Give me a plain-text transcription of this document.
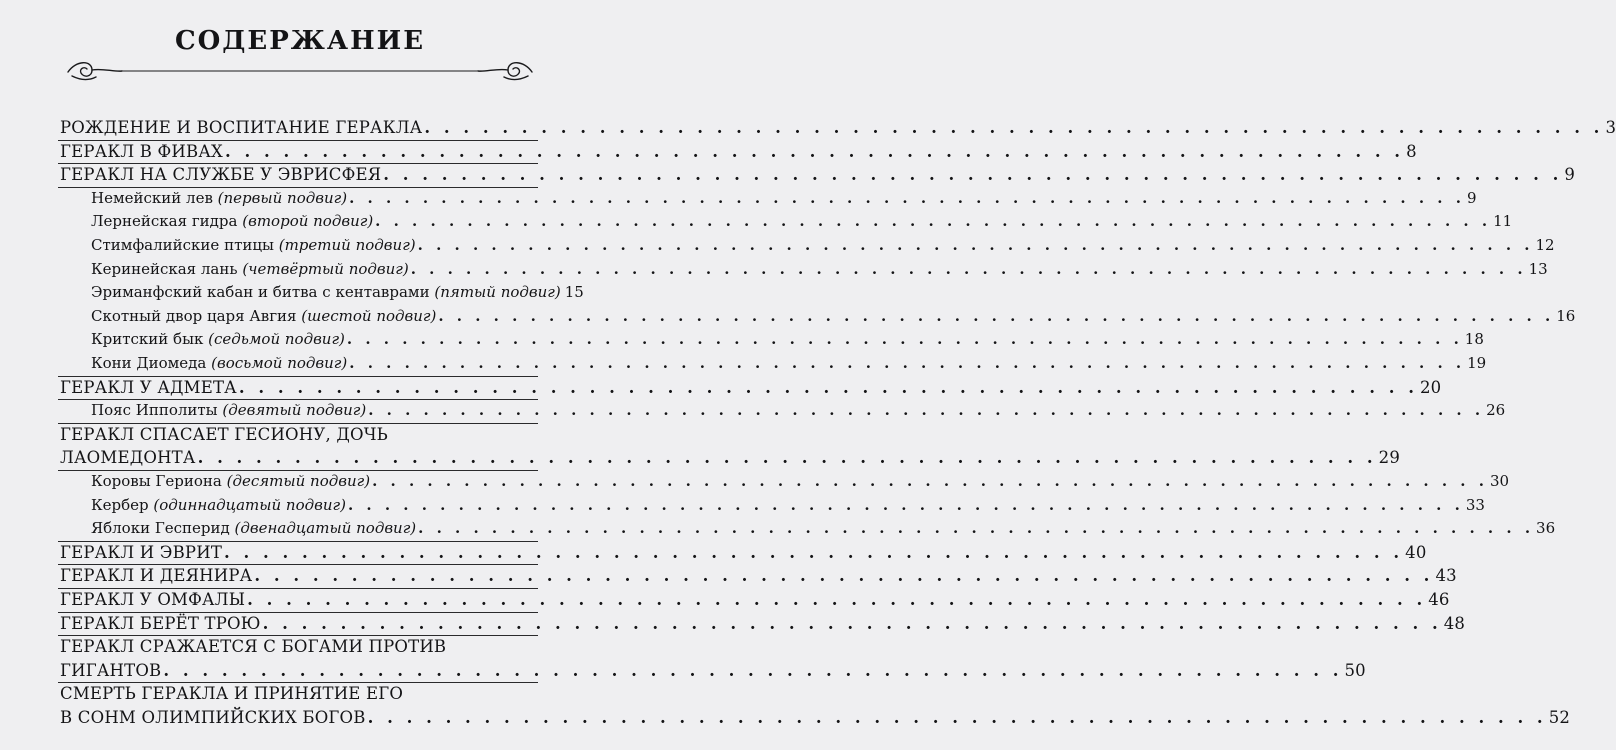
СОДЕРЖАНИЕ
РОЖДЕНИЕ И ВОСПИТАНИЕ ГЕРАКЛА . . . . . . . . . . . . . . . . . . . . . . . . . . . . . . . . . . . . . . . . . . . . . . . . . . . . . . . . . . . . . 3
ГЕРАКЛ В ФИВАХ . . . . . . . . . . . . . . . . . . . . . . . . . . . . . . . . . . . . . . . . . . . . . . . . . . . . . . . . . . . . . 8
ГЕРАКЛ НА СЛУЖБЕ У ЭВРИСФЕЯ . . . . . . . . . . . . . . . . . . . . . . . . . . . . . . . . . . . . . . . . . . . . . . . . . . . . . . . . . . . . . 9
Немейский лев (первый подвиг) . . . . . . . . . . . . . . . . . . . . . . . . . . . . . . . . . . . . . . . . . . . . . . . . . . . . . . . . . . . . . 9
Лернейская гидра (второй подвиг) . . . . . . . . . . . . . . . . . . . . . . . . . . . . . . . . . . . . . . . . . . . . . . . . . . . . . . . . . . . . . 11
Стимфалийские птицы (третий подвиг) . . . . . . . . . . . . . . . . . . . . . . . . . . . . . . . . . . . . . . . . . . . . . . . . . . . . . . . . . . . . . 12
Керинейская лань (четвёртый подвиг) . . . . . . . . . . . . . . . . . . . . . . . . . . . . . . . . . . . . . . . . . . . . . . . . . . . . . . . . . . . . . 13
Эриманфский кабан и битва с кентаврами (пятый подвиг) 15
Скотный двор царя Авгия (шестой подвиг) . . . . . . . . . . . . . . . . . . . . . . . . . . . . . . . . . . . . . . . . . . . . . . . . . . . . . . . . . . . . . 16
Критский бык (седьмой подвиг) . . . . . . . . . . . . . . . . . . . . . . . . . . . . . . . . . . . . . . . . . . . . . . . . . . . . . . . . . . . . . 18
Кони Диомеда (восьмой подвиг) . . . . . . . . . . . . . . . . . . . . . . . . . . . . . . . . . . . . . . . . . . . . . . . . . . . . . . . . . . . . . 19
ГЕРАКЛ У АДМЕТА . . . . . . . . . . . . . . . . . . . . . . . . . . . . . . . . . . . . . . . . . . . . . . . . . . . . . . . . . . . . . 20
Пояс Ипполиты (девятый подвиг) . . . . . . . . . . . . . . . . . . . . . . . . . . . . . . . . . . . . . . . . . . . . . . . . . . . . . . . . . . . . . 26
ГЕРАКЛ СПАСАЕТ ГЕСИОНУ, ДОЧЬ
ЛАОМЕДОНТА . . . . . . . . . . . . . . . . . . . . . . . . . . . . . . . . . . . . . . . . . . . . . . . . . . . . . . . . . . . . . 29
Коровы Гериона (десятый подвиг) . . . . . . . . . . . . . . . . . . . . . . . . . . . . . . . . . . . . . . . . . . . . . . . . . . . . . . . . . . . . . 30
Кербер (одиннадцатый подвиг) . . . . . . . . . . . . . . . . . . . . . . . . . . . . . . . . . . . . . . . . . . . . . . . . . . . . . . . . . . . . . 33
Яблоки Гесперид (двенадцатый подвиг) . . . . . . . . . . . . . . . . . . . . . . . . . . . . . . . . . . . . . . . . . . . . . . . . . . . . . . . . . . . . . 36
ГЕРАКЛ И ЭВРИТ . . . . . . . . . . . . . . . . . . . . . . . . . . . . . . . . . . . . . . . . . . . . . . . . . . . . . . . . . . . . . 40
ГЕРАКЛ И ДЕЯНИРА . . . . . . . . . . . . . . . . . . . . . . . . . . . . . . . . . . . . . . . . . . . . . . . . . . . . . . . . . . . . . 43
ГЕРАКЛ У ОМФАЛЫ . . . . . . . . . . . . . . . . . . . . . . . . . . . . . . . . . . . . . . . . . . . . . . . . . . . . . . . . . . . . . 46
ГЕРАКЛ БЕРЁТ ТРОЮ . . . . . . . . . . . . . . . . . . . . . . . . . . . . . . . . . . . . . . . . . . . . . . . . . . . . . . . . . . . . . 48
ГЕРАКЛ СРАЖАЕТСЯ С БОГАМИ ПРОТИВ
ГИГАНТОВ . . . . . . . . . . . . . . . . . . . . . . . . . . . . . . . . . . . . . . . . . . . . . . . . . . . . . . . . . . . . . 50
СМЕРТЬ ГЕРАКЛА И ПРИНЯТИЕ ЕГО
В СОНМ ОЛИМПИЙСКИХ БОГОВ . . . . . . . . . . . . . . . . . . . . . . . . . . . . . . . . . . . . . . . . . . . . . . . . . . . . . . . . . . . . . 52
